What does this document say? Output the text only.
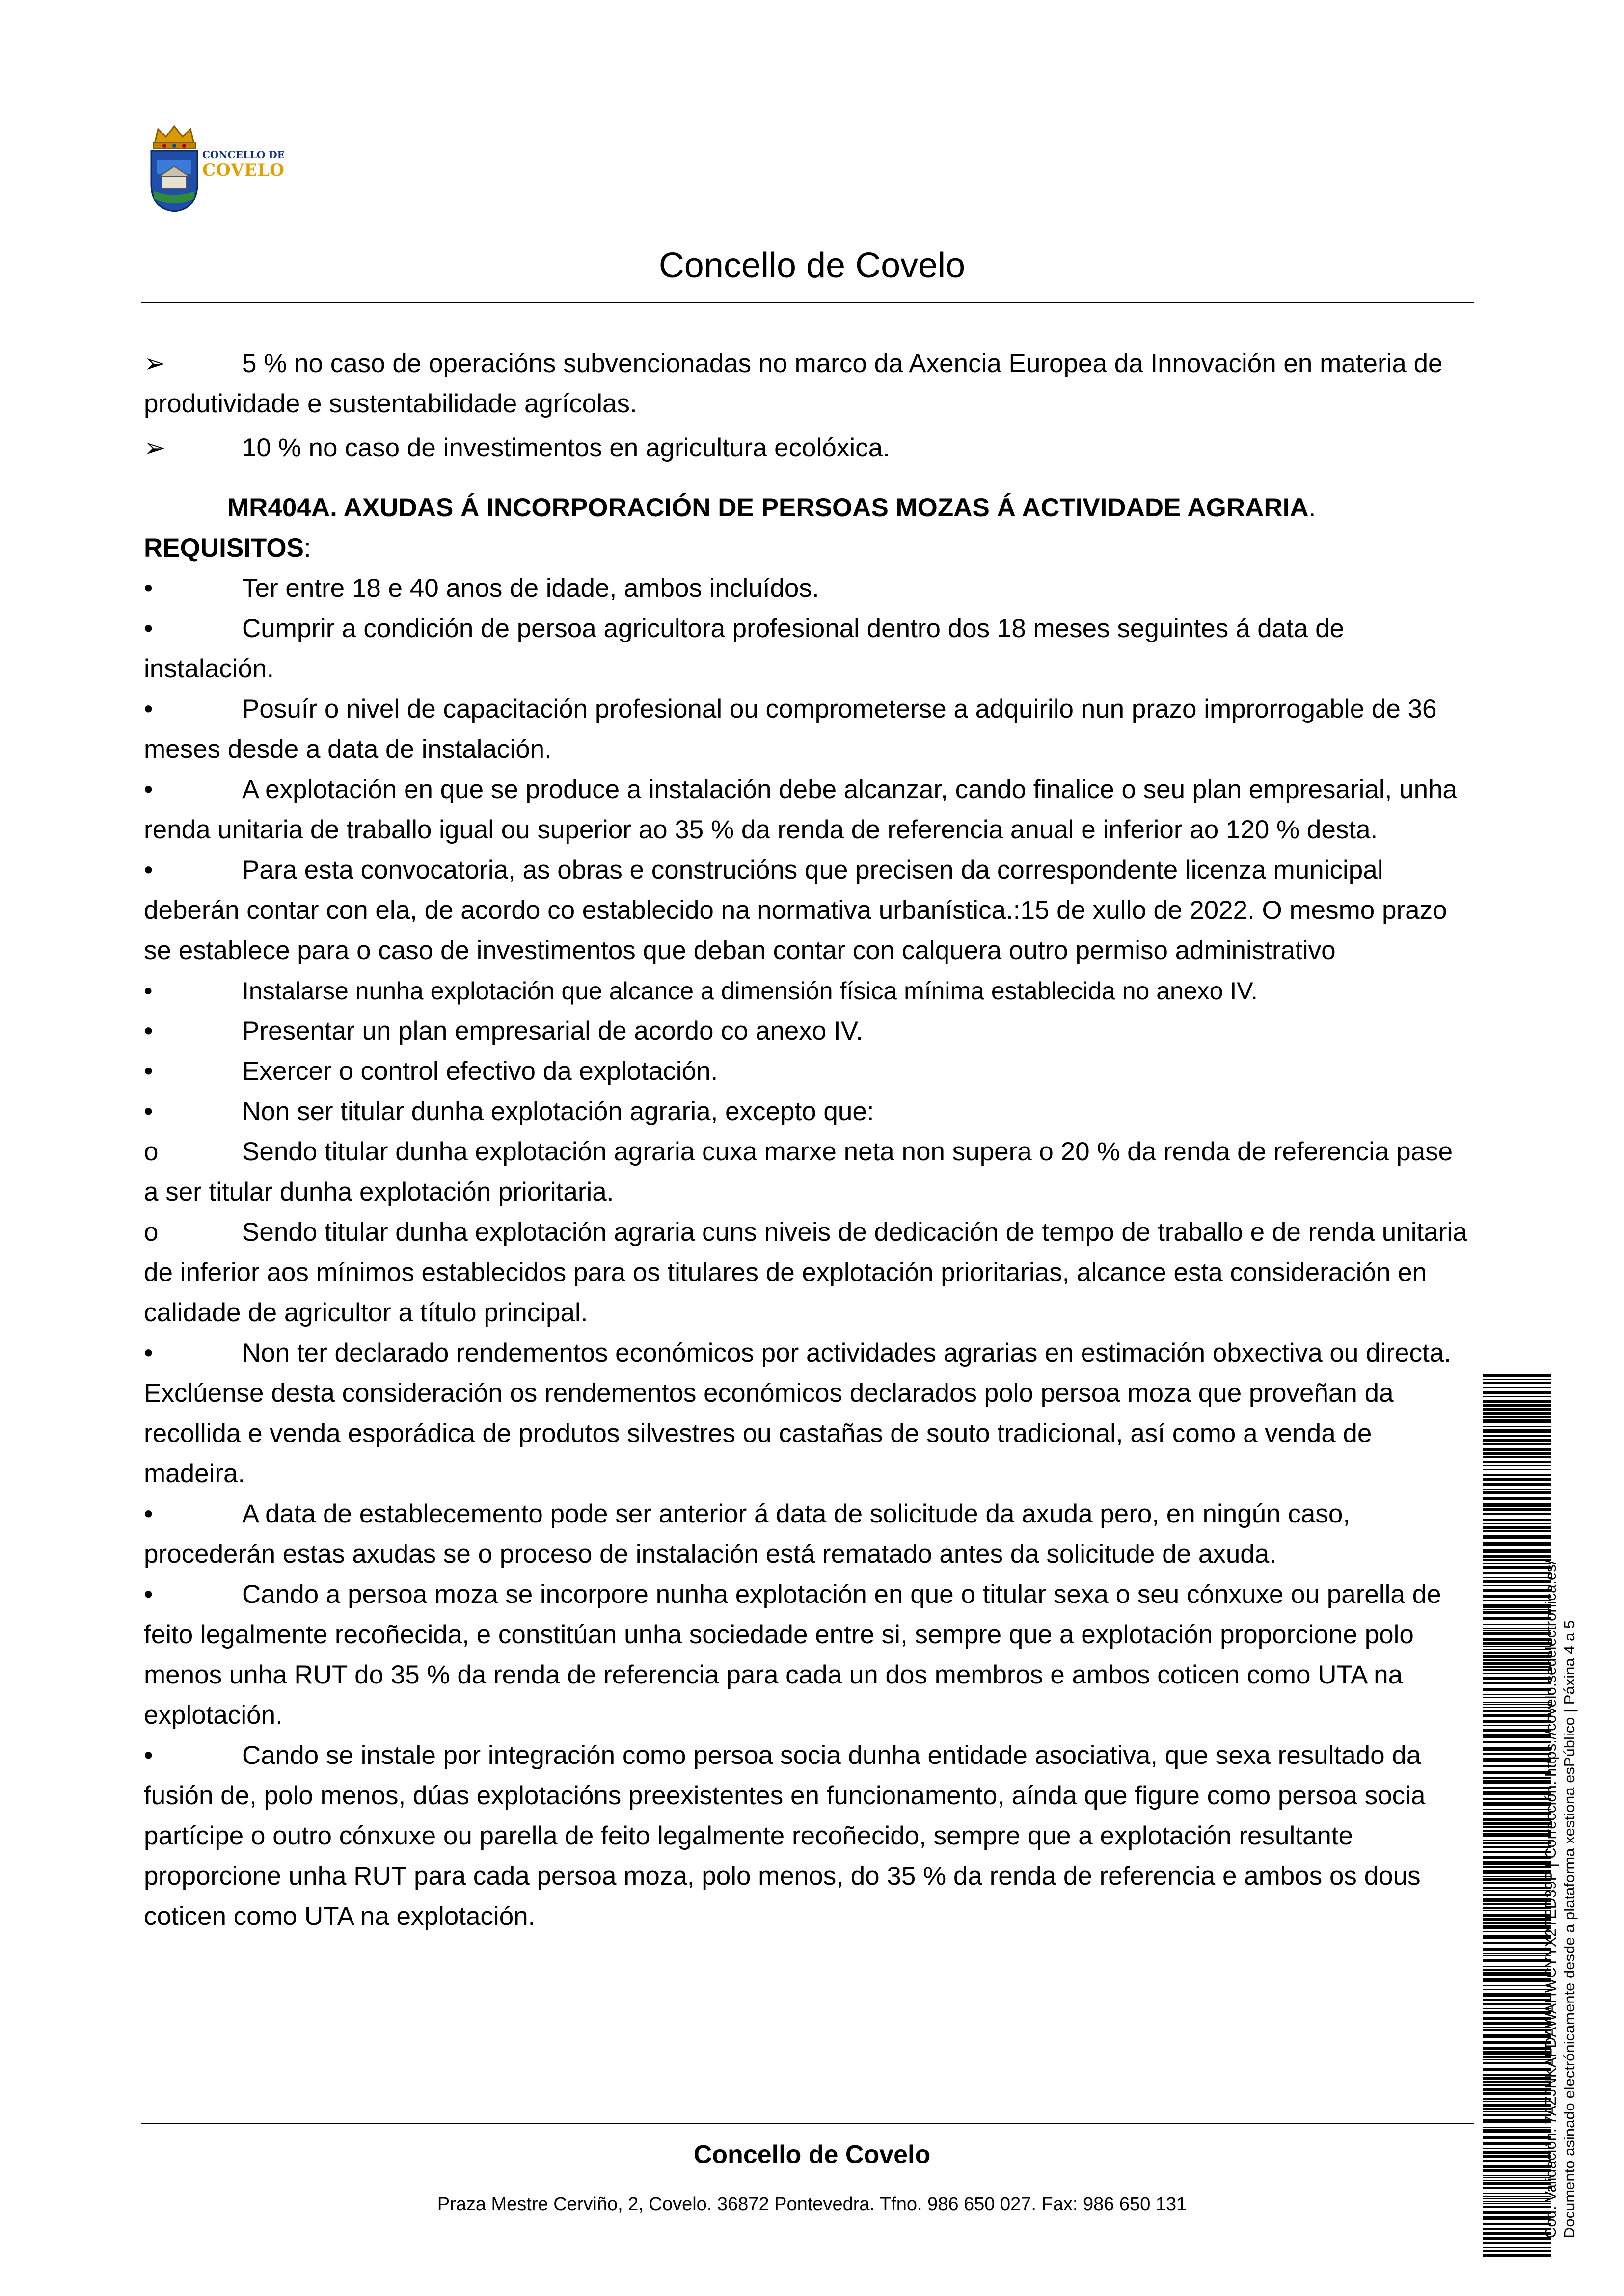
CONCELLO DE
COVELO
Concello de Covelo
➢	5 % no caso de operacións subvencionadas no marco da Axencia Europea da Innovación en materia de produtividade e sustentabilidade agrícolas.
➢	10 % no caso de investimentos en agricultura ecolóxica.
MR404A. AXUDAS Á INCORPORACIÓN DE PERSOAS MOZAS Á ACTIVIDADE AGRARIA.
REQUISITOS:
•	Ter entre 18 e 40 anos de idade, ambos incluídos.
•	Cumprir a condición de persoa agricultora profesional dentro dos 18 meses seguintes á data de instalación.
•	Posuír o nivel de capacitación profesional ou comprometerse a adquirilo nun prazo improrrogable de 36 meses desde a data de instalación.
•	A explotación en que se produce a instalación debe alcanzar, cando finalice o seu plan empresarial, unha renda unitaria de traballo igual ou superior ao 35 % da renda de referencia anual e inferior ao 120 % desta.
•	Para esta convocatoria, as obras e construcións que precisen da correspondente licenza municipal deberán contar con ela, de acordo co establecido na normativa urbanística.:15 de xullo de 2022. O mesmo prazo se establece para o caso de investimentos que deban contar con calquera outro permiso administrativo
•	Instalarse nunha explotación que alcance a dimensión física mínima establecida no anexo IV.
•	Presentar un plan empresarial de acordo co anexo IV.
•	Exercer o control efectivo da explotación.
•	Non ser titular dunha explotación agraria, excepto que:
o	Sendo titular dunha explotación agraria cuxa marxe neta non supera o 20 % da renda de referencia pase a ser titular dunha explotación prioritaria.
o	Sendo titular dunha explotación agraria cuns niveis de dedicación de tempo de traballo e de renda unitaria de inferior aos mínimos establecidos para os titulares de explotación prioritarias, alcance esta consideración en calidade de agricultor a título principal.
•	Non ter declarado rendementos económicos por actividades agrarias en estimación obxectiva ou directa. Exclúense desta consideración os rendementos económicos declarados polo persoa moza que proveñan da recollida e venda esporádica de produtos silvestres ou castañas de souto tradicional, así como a venda de madeira.
•	A data de establecemento pode ser anterior á data de solicitude da axuda pero, en ningún caso, procederán estas axudas se o proceso de instalación está rematado antes da solicitude de axuda.
•	Cando a persoa moza se incorpore nunha explotación en que o titular sexa o seu cónxuxe ou parella de feito legalmente recoñecida, e constitúan unha sociedade entre si, sempre que a explotación proporcione polo menos unha RUT do 35 % da renda de referencia para cada un dos membros e ambos coticen como UTA na explotación.
•	Cando se instale por integración como persoa socia dunha entidade asociativa, que sexa resultado da fusión de, polo menos, dúas explotacións preexistentes en funcionamento, aínda que figure como persoa socia partícipe o outro cónxuxe ou parella de feito legalmente recoñecido, sempre que a explotación resultante proporcione unha RUT para cada persoa moza, polo menos, do 35 % da renda de referencia e ambos os dous coticen como UTA na explotación.
Concello de Covelo
Praza Mestre Cerviño, 2, Covelo. 36872 Pontevedra. Tfno. 986 650 027. Fax: 986 650 131	Cod. Validación: 7AZJNKAFDAWAHWCYYX2TED39P | Corrección: https://covelo.sedelectronica.es/ Documento asinado electrónicamente desde a plataforma xestiona esPúblico | Páxina 4 a 5
